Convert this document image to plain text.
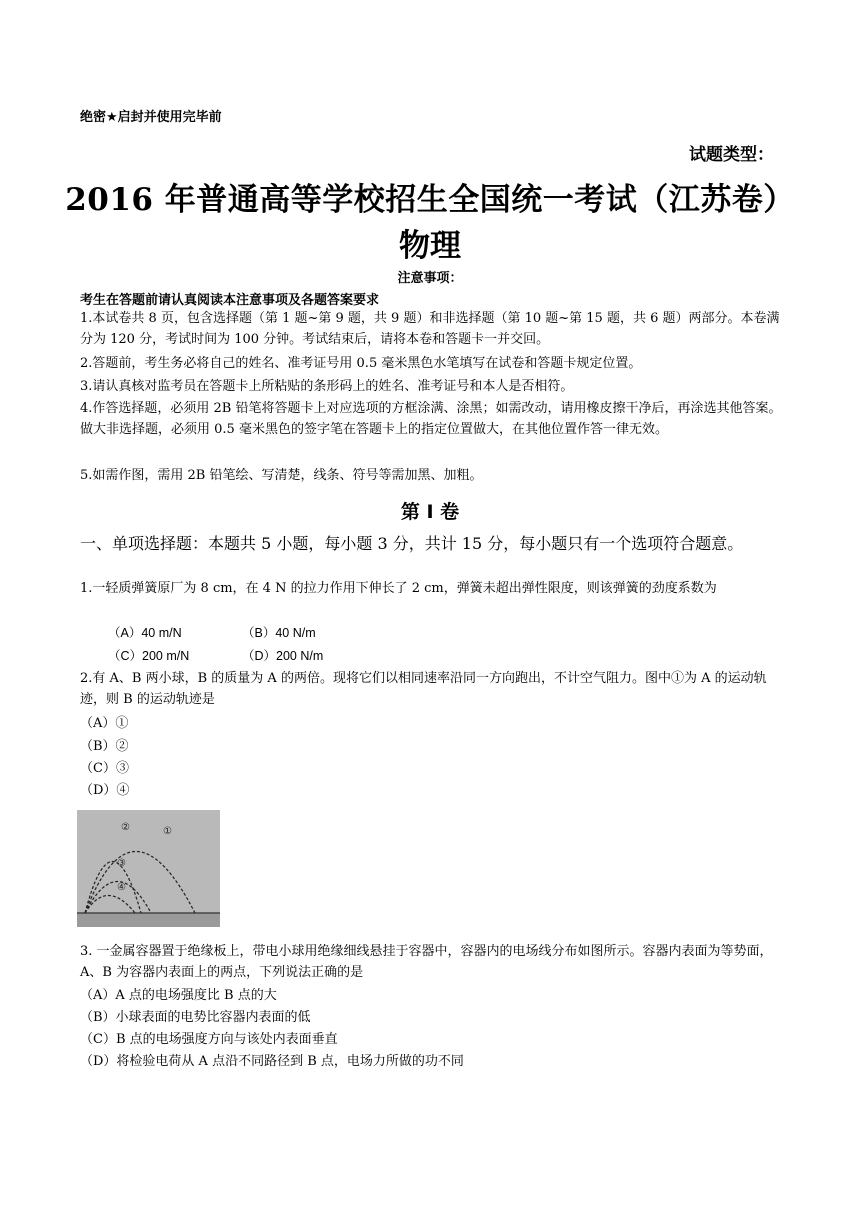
绝密★启封并使用完毕前
试题类型：
2016 年普通高等学校招生全国统一考试（江苏卷）
物理
注意事项：
考生在答题前请认真阅读本注意事项及各题答案要求
1.本试卷共 8 页，包含选择题（第 1 题~第 9 题，共 9 题）和非选择题（第 10 题~第 15 题，共 6 题）两部分。本卷满分为 120 分，考试时间为 100 分钟。考试结束后，请将本卷和答题卡一并交回。
2.答题前，考生务必将自己的姓名、准考证号用 0.5 毫米黑色水笔填写在试卷和答题卡规定位置。
3.请认真核对监考员在答题卡上所粘贴的条形码上的姓名、准考证号和本人是否相符。
4.作答选择题，必须用 2B 铅笔将答题卡上对应选项的方框涂满、涂黑；如需改动，请用橡皮擦干净后，再涂选其他答案。做大非选择题，必须用 0.5 毫米黑色的签字笔在答题卡上的指定位置做大，在其他位置作答一律无效。
5.如需作图，需用 2B 铅笔绘、写清楚，线条、符号等需加黑、加粗。
第 Ⅰ 卷
一、单项选择题：本题共 5 小题，每小题 3 分，共计 15 分，每小题只有一个选项符合题意。
1.一轻质弹簧原厂为 8 cm，在 4 N 的拉力作用下伸长了 2 cm，弹簧未超出弹性限度，则该弹簧的劲度系数为
（A）40 m/N	（B）40 N/m
（C）200 m/N	（D）200 N/m
2.有 A、B 两小球，B 的质量为 A 的两倍。现将它们以相同速率沿同一方向跑出，不计空气阻力。图中①为 A 的运动轨迹，则 B 的运动轨迹是
（A）①
（B）②
（C）③
（D）④
①
②
③
④
3. 一金属容器置于绝缘板上，带电小球用绝缘细线悬挂于容器中，容器内的电场线分布如图所示。容器内表面为等势面，A、B 为容器内表面上的两点，下列说法正确的是
（A）A 点的电场强度比 B 点的大
（B）小球表面的电势比容器内表面的低
（C）B 点的电场强度方向与该处内表面垂直
（D）将检验电荷从 A 点沿不同路径到 B 点，电场力所做的功不同
